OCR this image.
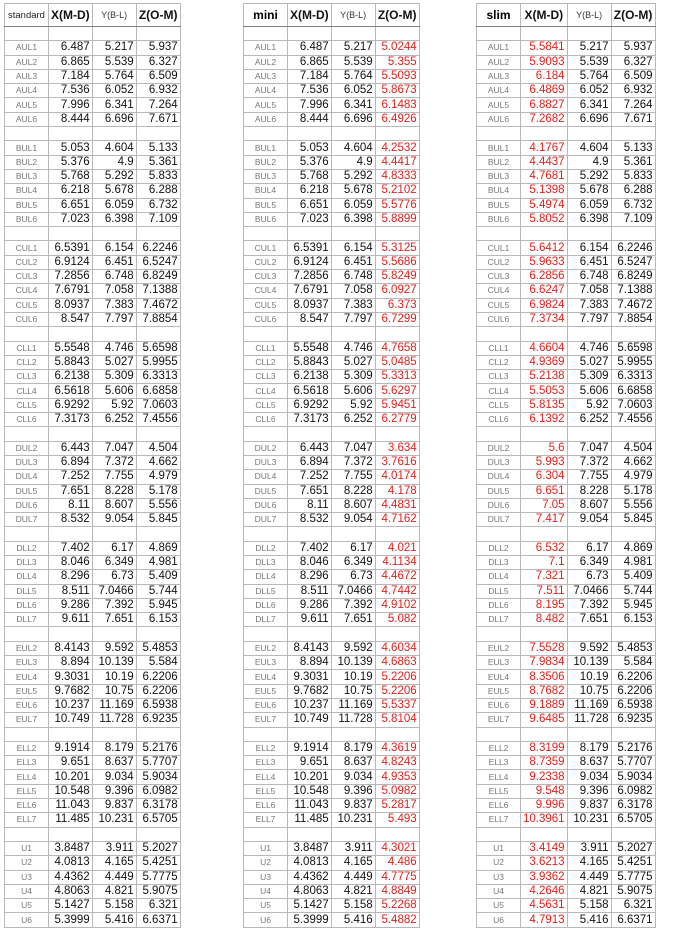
standard	X(M-D)	Y(B-L)	Z(O-M)

AUL1	6.487	5.217	5.937
AUL2	6.865	5.539	6.327
AUL3	7.184	5.764	6.509
AUL4	7.536	6.052	6.932
AUL5	7.996	6.341	7.264
AUL6	8.444	6.696	7.671

BUL1	5.053	4.604	5.133
BUL2	5.376	4.9	5.361
BUL3	5.768	5.292	5.833
BUL4	6.218	5.678	6.288
BUL5	6.651	6.059	6.732
BUL6	7.023	6.398	7.109

CUL1	6.5391	6.154	6.2246
CUL2	6.9124	6.451	6.5247
CUL3	7.2856	6.748	6.8249
CUL4	7.6791	7.058	7.1388
CUL5	8.0937	7.383	7.4672
CUL6	8.547	7.797	7.8854

CLL1	5.5548	4.746	5.6598
CLL2	5.8843	5.027	5.9955
CLL3	6.2138	5.309	6.3313
CLL4	6.5618	5.606	6.6858
CLL5	6.9292	5.92	7.0603
CLL6	7.3173	6.252	7.4556

DUL2	6.443	7.047	4.504
DUL3	6.894	7.372	4.662
DUL4	7.252	7.755	4.979
DUL5	7.651	8.228	5.178
DUL6	8.11	8.607	5.556
DUL7	8.532	9.054	5.845

DLL2	7.402	6.17	4.869
DLL3	8.046	6.349	4.981
DLL4	8.296	6.73	5.409
DLL5	8.511	7.0466	5.744
DLL6	9.286	7.392	5.945
DLL7	9.611	7.651	6.153

EUL2	8.4143	9.592	5.4853
EUL3	8.894	10.139	5.584
EUL4	9.3031	10.19	6.2206
EUL5	9.7682	10.75	6.2206
EUL6	10.237	11.169	6.5938
EUL7	10.749	11.728	6.9235

ELL2	9.1914	8.179	5.2176
ELL3	9.651	8.637	5.7707
ELL4	10.201	9.034	5.9034
ELL5	10.548	9.396	6.0982
ELL6	11.043	9.837	6.3178
ELL7	11.485	10.231	6.5705

U1	3.8487	3.911	5.2027
U2	4.0813	4.165	5.4251
U3	4.4362	4.449	5.7775
U4	4.8063	4.821	5.9075
U5	5.1427	5.158	6.321
U6	5.3999	5.416	6.6371
mini	X(M-D)	Y(B-L)	Z(O-M)

AUL1	6.487	5.217	5.0244
AUL2	6.865	5.539	5.355
AUL3	7.184	5.764	5.5093
AUL4	7.536	6.052	5.8673
AUL5	7.996	6.341	6.1483
AUL6	8.444	6.696	6.4926

BUL1	5.053	4.604	4.2532
BUL2	5.376	4.9	4.4417
BUL3	5.768	5.292	4.8333
BUL4	6.218	5.678	5.2102
BUL5	6.651	6.059	5.5776
BUL6	7.023	6.398	5.8899

CUL1	6.5391	6.154	5.3125
CUL2	6.9124	6.451	5.5686
CUL3	7.2856	6.748	5.8249
CUL4	7.6791	7.058	6.0927
CUL5	8.0937	7.383	6.373
CUL6	8.547	7.797	6.7299

CLL1	5.5548	4.746	4.7658
CLL2	5.8843	5.027	5.0485
CLL3	6.2138	5.309	5.3313
CLL4	6.5618	5.606	5.6297
CLL5	6.9292	5.92	5.9451
CLL6	7.3173	6.252	6.2779

DUL2	6.443	7.047	3.634
DUL3	6.894	7.372	3.7616
DUL4	7.252	7.755	4.0174
DUL5	7.651	8.228	4.178
DUL6	8.11	8.607	4.4831
DUL7	8.532	9.054	4.7162

DLL2	7.402	6.17	4.021
DLL3	8.046	6.349	4.1134
DLL4	8.296	6.73	4.4672
DLL5	8.511	7.0466	4.7442
DLL6	9.286	7.392	4.9102
DLL7	9.611	7.651	5.082

EUL2	8.4143	9.592	4.6034
EUL3	8.894	10.139	4.6863
EUL4	9.3031	10.19	5.2206
EUL5	9.7682	10.75	5.2206
EUL6	10.237	11.169	5.5337
EUL7	10.749	11.728	5.8104

ELL2	9.1914	8.179	4.3619
ELL3	9.651	8.637	4.8243
ELL4	10.201	9.034	4.9353
ELL5	10.548	9.396	5.0982
ELL6	11.043	9.837	5.2817
ELL7	11.485	10.231	5.493

U1	3.8487	3.911	4.3021
U2	4.0813	4.165	4.486
U3	4.4362	4.449	4.7775
U4	4.8063	4.821	4.8849
U5	5.1427	5.158	5.2268
U6	5.3999	5.416	5.4882
slim	X(M-D)	Y(B-L)	Z(O-M)

AUL1	5.5841	5.217	5.937
AUL2	5.9093	5.539	6.327
AUL3	6.184	5.764	6.509
AUL4	6.4869	6.052	6.932
AUL5	6.8827	6.341	7.264
AUL6	7.2682	6.696	7.671

BUL1	4.1767	4.604	5.133
BUL2	4.4437	4.9	5.361
BUL3	4.7681	5.292	5.833
BUL4	5.1398	5.678	6.288
BUL5	5.4974	6.059	6.732
BUL6	5.8052	6.398	7.109

CUL1	5.6412	6.154	6.2246
CUL2	5.9633	6.451	6.5247
CUL3	6.2856	6.748	6.8249
CUL4	6.6247	7.058	7.1388
CUL5	6.9824	7.383	7.4672
CUL6	7.3734	7.797	7.8854

CLL1	4.6604	4.746	5.6598
CLL2	4.9369	5.027	5.9955
CLL3	5.2138	5.309	6.3313
CLL4	5.5053	5.606	6.6858
CLL5	5.8135	5.92	7.0603
CLL6	6.1392	6.252	7.4556

DUL2	5.6	7.047	4.504
DUL3	5.993	7.372	4.662
DUL4	6.304	7.755	4.979
DUL5	6.651	8.228	5.178
DUL6	7.05	8.607	5.556
DUL7	7.417	9.054	5.845

DLL2	6.532	6.17	4.869
DLL3	7.1	6.349	4.981
DLL4	7.321	6.73	5.409
DLL5	7.511	7.0466	5.744
DLL6	8.195	7.392	5.945
DLL7	8.482	7.651	6.153

EUL2	7.5528	9.592	5.4853
EUL3	7.9834	10.139	5.584
EUL4	8.3506	10.19	6.2206
EUL5	8.7682	10.75	6.2206
EUL6	9.1889	11.169	6.5938
EUL7	9.6485	11.728	6.9235

ELL2	8.3199	8.179	5.2176
ELL3	8.7359	8.637	5.7707
ELL4	9.2338	9.034	5.9034
ELL5	9.548	9.396	6.0982
ELL6	9.996	9.837	6.3178
ELL7	10.3961	10.231	6.5705

U1	3.4149	3.911	5.2027
U2	3.6213	4.165	5.4251
U3	3.9362	4.449	5.7775
U4	4.2646	4.821	5.9075
U5	4.5631	5.158	6.321
U6	4.7913	5.416	6.6371
